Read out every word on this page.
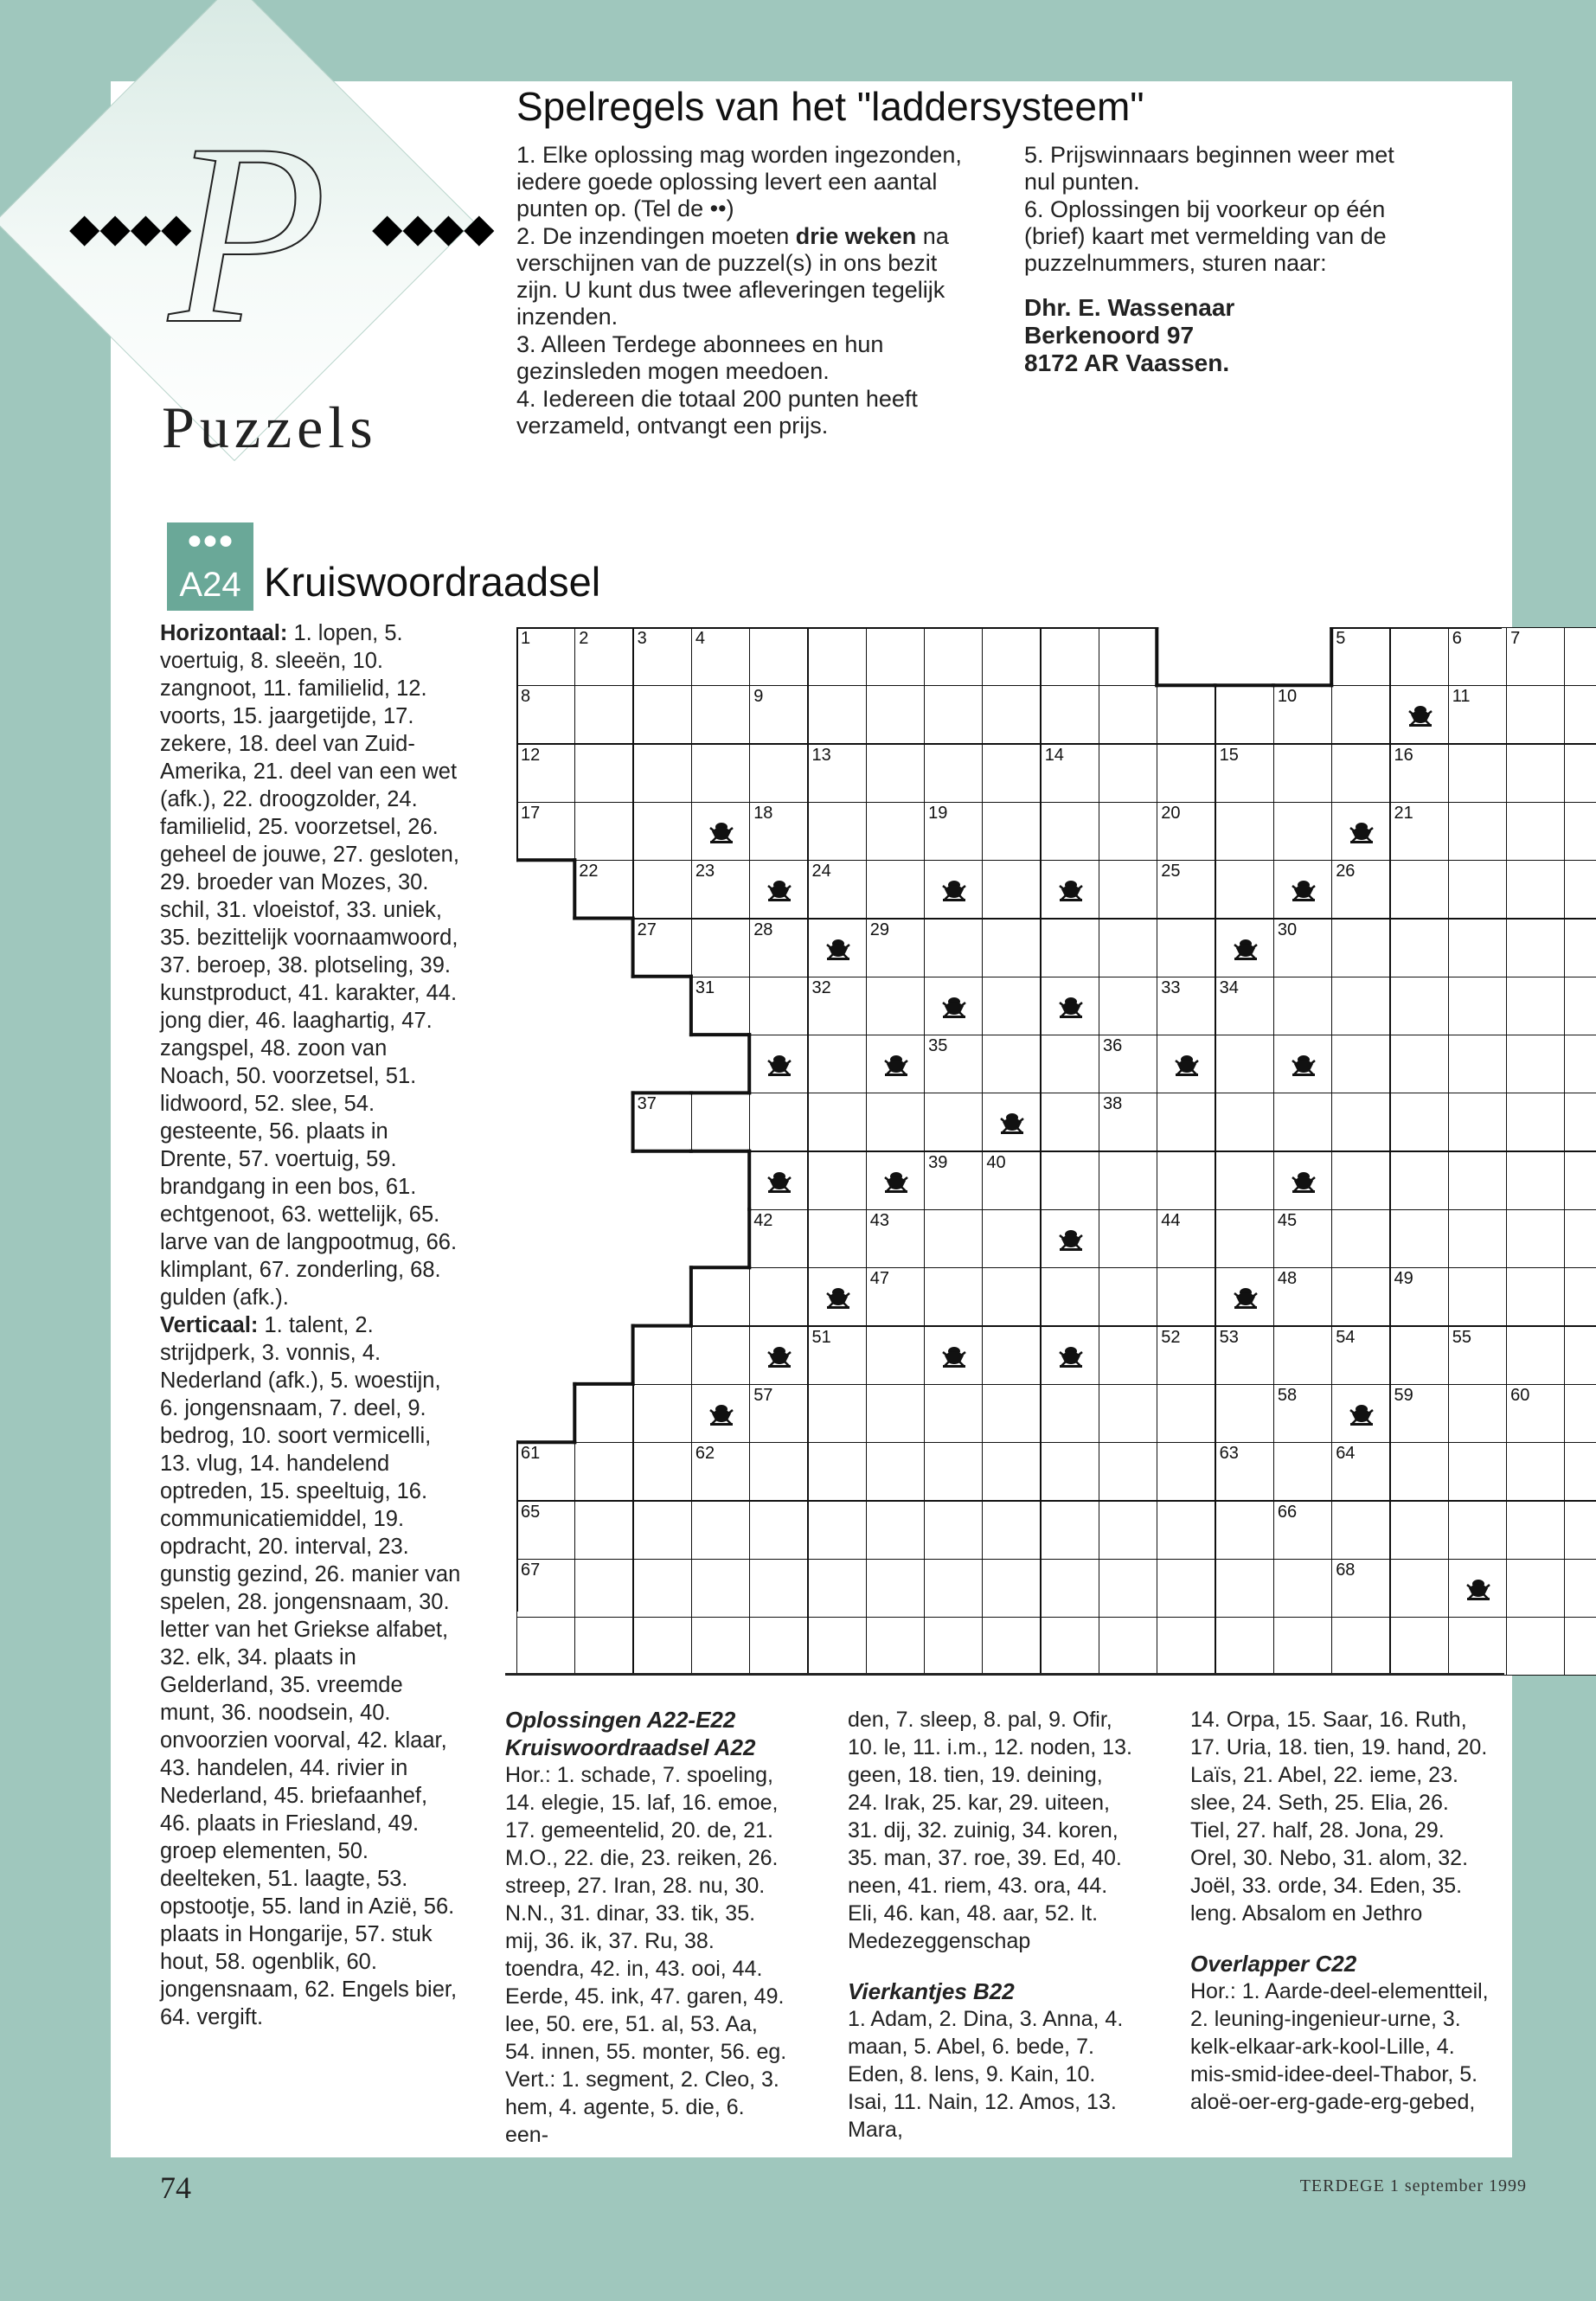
◆◆◆◆	◆◆◆◆
P
Puzzels
Spelregels van het "laddersysteem"

1. Elke oplossing mag worden ingezonden, iedere goede oplossing levert een aantal punten op. (Tel de ••)

2. De inzendingen moeten drie weken na verschijnen van de puzzel(s) in ons bezit zijn. U kunt dus twee afleveringen tegelijk inzenden.

3. Alleen Terdege abonnees en hun gezinsleden mogen meedoen.

4. Iedereen die totaal 200 punten heeft verzameld, ontvangt een prijs.

5. Prijswinnaars beginnen weer met nul punten.

6. Oplossingen bij voorkeur op één (brief) kaart met vermelding van de puzzelnummers, sturen naar:

Dhr. E. Wassenaar
Berkenoord 97
8172 AR Vaassen.
●●●
A24 Kruiswoordraadsel
Horizontaal: 1. lopen, 5. voertuig, 8. sleeën, 10. zangnoot, 11. familielid, 12. voorts, 15. jaargetijde, 17. zekere, 18. deel van Zuid-Amerika, 21. deel van een wet (afk.), 22. droogzolder, 24. familielid, 25. voorzetsel, 26. geheel de jouwe, 27. gesloten, 29. broeder van Mozes, 30. schil, 31. vloeistof, 33. uniek, 35. bezittelijk voornaamwoord, 37. beroep, 38. plotseling, 39. kunstproduct, 41. karakter, 44. jong dier, 46. laaghartig, 47. zangspel, 48. zoon van Noach, 50. voorzetsel, 51. lidwoord, 52. slee, 54. gesteente, 56. plaats in Drente, 57. voertuig, 59. brandgang in een bos, 61. echtgenoot, 63. wettelijk, 65. larve van de langpootmug, 66. klimplant, 67. zonderling, 68. gulden (afk.).
Verticaal: 1. talent, 2. strijdperk, 3. vonnis, 4. Nederland (afk.), 5. woestijn, 6. jongensnaam, 7. deel, 9. bedrog, 10. soort vermicelli, 13. vlug, 14. handelend optreden, 15. speeltuig, 16. communicatiemiddel, 19. opdracht, 20. interval, 23. gunstig gezind, 26. manier van spelen, 28. jongensnaam, 30. letter van het Griekse alfabet, 32. elk, 34. plaats in Gelderland, 35. vreemde munt, 36. noodsein, 40. onvoorzien voorval, 42. klaar, 43. handelen, 44. rivier in Nederland, 45. briefaanhef, 46. plaats in Friesland, 49. groep elementen, 50. deelteken, 51. laagte, 53. opstootje, 55. land in Azië, 56. plaats in Hongarije, 57. stuk hout, 58. ogenblik, 60. jongensnaam, 62. Engels bier, 64. vergift.
1	2	3	4	5	6	7
8	9	10	11
12	13	14	15	16
17	18	19	20	21
22	23	24	25	26
27	28	29	30
31	32	33 34
35	36
37	38
39 40
42	43	44	45
47	48	49
51	52 53	54	55
57	58	59	60
61	62	63	64
65	66
67	68
Oplossingen A22-E22
Kruiswoordraadsel A22
Hor.: 1. schade, 7. spoeling, 14. elegie, 15. laf, 16. emoe, 17. gemeentelid, 20. de, 21. M.O., 22. die, 23. reiken, 26. streep, 27. Iran, 28. nu, 30. N.N., 31. dinar, 33. tik, 35. mij, 36. ik, 37. Ru, 38. toendra, 42. in, 43. ooi, 44. Eerde, 45. ink, 47. garen, 49. lee, 50. ere, 51. al, 53. Aa, 54. innen, 55. monter, 56. eg. Vert.: 1. segment, 2. Cleo, 3. hem, 4. agente, 5. die, 6. een-
den, 7. sleep, 8. pal, 9. Ofir, 10. le, 11. i.m., 12. noden, 13. geen, 18. tien, 19. deining, 24. Irak, 25. kar, 29. uiteen, 31. dij, 32. zuinig, 34. koren, 35. man, 37. roe, 39. Ed, 40. neen, 41. riem, 43. ora, 44. Eli, 46. kan, 48. aar, 52. lt. Medezeggenschap
Vierkantjes B22
1. Adam, 2. Dina, 3. Anna, 4. maan, 5. Abel, 6. bede, 7. Eden, 8. lens, 9. Kain, 10. Isai, 11. Nain, 12. Amos, 13. Mara,
14. Orpa, 15. Saar, 16. Ruth, 17. Uria, 18. tien, 19. hand, 20. Laïs, 21. Abel, 22. ieme, 23. slee, 24. Seth, 25. Elia, 26. Tiel, 27. half, 28. Jona, 29. Orel, 30. Nebo, 31. alom, 32. Joël, 33. orde, 34. Eden, 35. leng. Absalom en Jethro
Overlapper C22
Hor.: 1. Aarde-deel-elementteil, 2. leuning-ingenieur-urne, 3. kelk-elkaar-ark-kool-Lille, 4. mis-smid-idee-deel-Thabor, 5. aloë-oer-erg-gade-erg-gebed,
74	TERDEGE 1 september 1999
